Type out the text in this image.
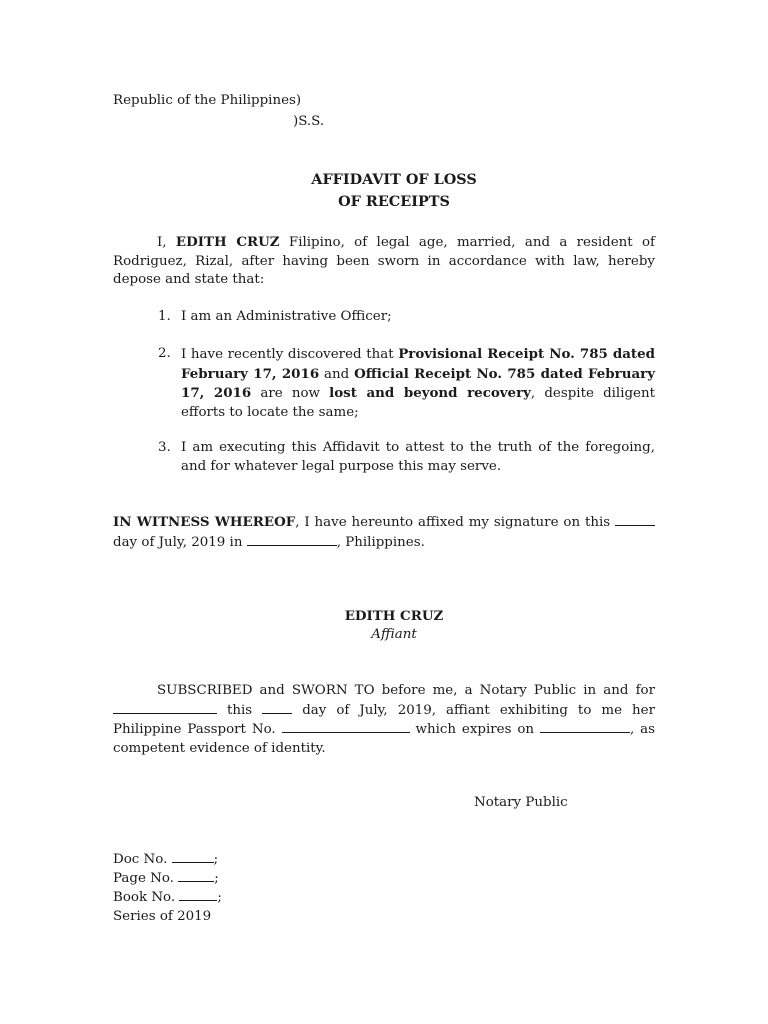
Republic of the Philippines)
)S.S.
AFFIDAVIT OF LOSS
OF RECEIPTS
I, EDITH CRUZ Filipino, of legal age, married, and a resident of Rodriguez, Rizal, after having been sworn in accordance with law, hereby depose and state that:
1. I am an Administrative Officer;
2. I have recently discovered that Provisional Receipt No. 785 dated February 17, 2016 and Official Receipt No. 785 dated February 17, 2016 are now lost and beyond recovery, despite diligent efforts to locate the same;
3. I am executing this Affidavit to attest to the truth of the foregoing, and for whatever legal purpose this may serve.
IN WITNESS WHEREOF, I have hereunto affixed my signature on this  day of July, 2019 in	, Philippines.
EDITH CRUZ
Affiant
SUBSCRIBED and SWORN TO before me, a Notary Public in and for  this  day of July, 2019, affiant exhibiting to me her Philippine Passport No.	which expires on	, as competent evidence of identity.
Notary Public
Doc No.	;
Page No.	;
Book No.	;
Series of 2019
